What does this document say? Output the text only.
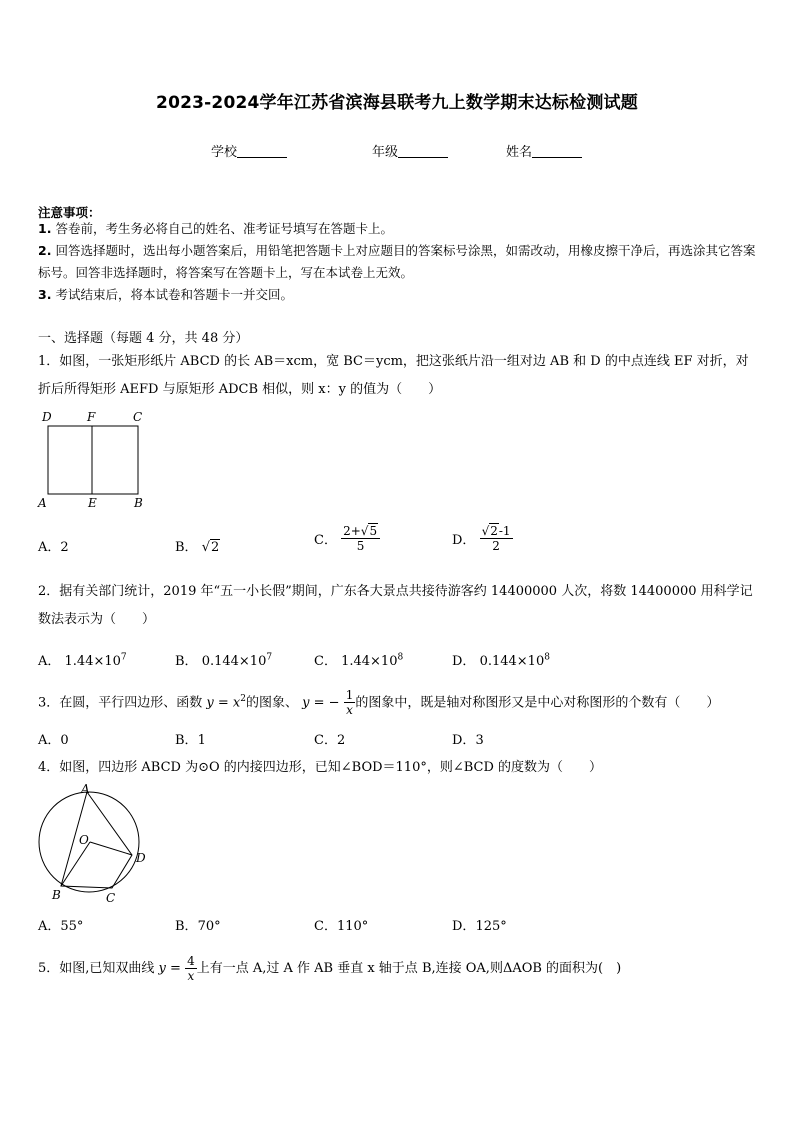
2023-2024学年江苏省滨海县联考九上数学期末达标检测试题
学校	年级	姓名
注意事项：
1. 答卷前，考生务必将自己的姓名、准考证号填写在答题卡上。
2. 回答选择题时，选出每小题答案后，用铅笔把答题卡上对应题目的答案标号涂黑，如需改动，用橡皮擦干净后，再选涂其它答案标号。回答非选择题时，将答案写在答题卡上，写在本试卷上无效。
3. 考试结束后，将本试卷和答题卡一并交回。
一、选择题（每题 4 分，共 48 分）
1．如图，一张矩形纸片 ABCD 的长 AB＝xcm，宽 BC＝ycm，把这张纸片沿一组对边 AB 和 D 的中点连线 EF 对折，对折后所得矩形 AEFD 与原矩形 ADCB 相似，则 x：y 的值为（　　）
D	F	C
A	E	B
A．2	B． √2	C． $\frac{2+√5}{5}$	D． $\frac{√2-1}{2}$
2．据有关部门统计，2019 年“五一小长假”期间，广东各大景点共接待游客约 14400000 人次，将数 14400000 用科学记数法表示为（　　）
A． $1.44\times 10^7$	B． $0.144\times 10^7$	C． $1.44\times 10^8$	D． $0.144\times 10^8$
3．在圆，平行四边形、函数 $y = x^2$的图象、 y = − $\frac{1}{x}$ 的图象中，既是轴对称图形又是中心对称图形的个数有（　　）
A．0	B．1	C．2	D．3
4．如图，四边形 ABCD 为⊙O 的内接四边形，已知∠BOD＝110°，则∠BCD 的度数为（　　）
A
O
D
B	C
A．55°	B．70°	C．110°	D．125°
5．如图,已知双曲线 $y = \frac{4}{x}$ 上有一点 A,过 A 作 AB 垂直 x 轴于点 B,连接 OA,则ΔAOB 的面积为(　)
